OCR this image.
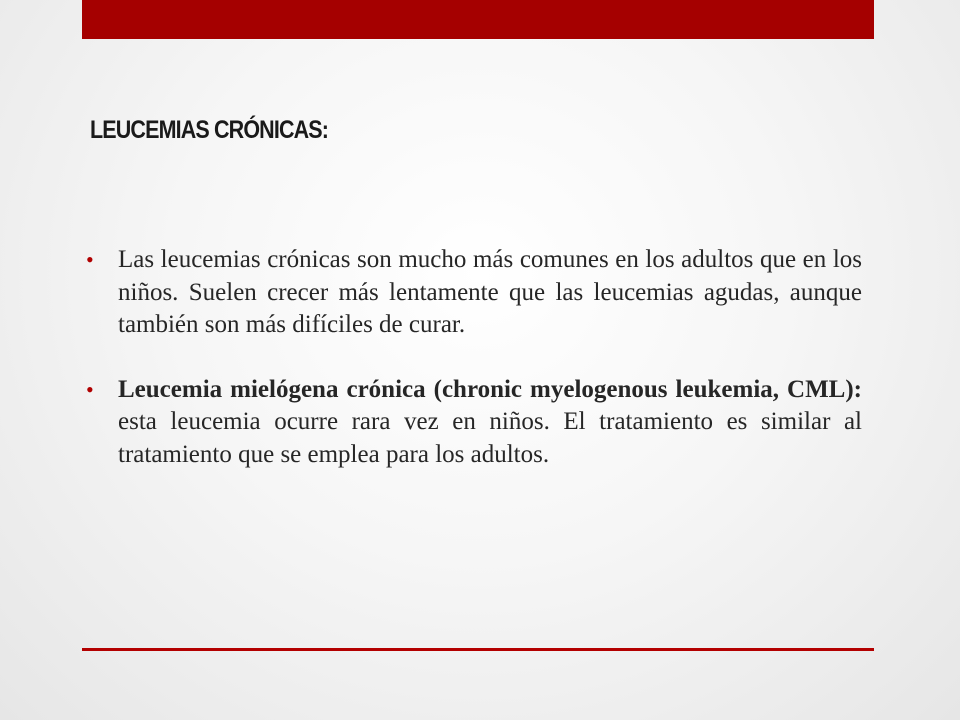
LEUCEMIAS CRÓNICAS:
• Las leucemias crónicas son mucho más comunes en los adultos que en los niños. Suelen crecer más lentamente que las leucemias agudas, aunque también son más difíciles de curar.
• Leucemia mielógena crónica (chronic myelogenous leukemia, CML): esta leucemia ocurre rara vez en niños. El tratamiento es similar al tratamiento que se emplea para los adultos.
